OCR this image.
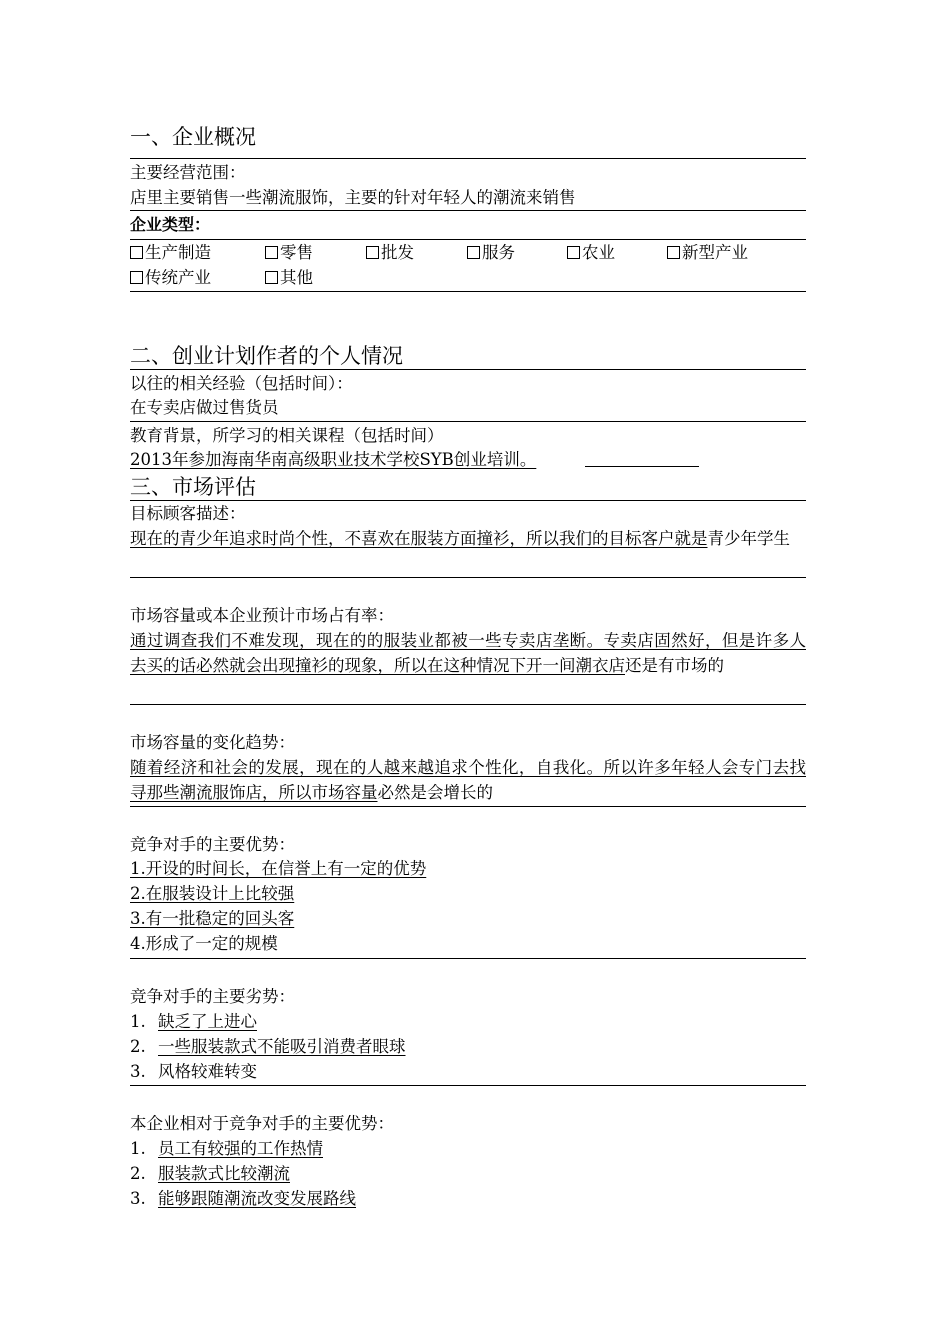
一、企业概况
主要经营范围：
店里主要销售一些潮流服饰，主要的针对年轻人的潮流来销售
企业类型：
生产制造	零售	批发	服务	农业	新型产业
传统产业	其他
二、创业计划作者的个人情况
以往的相关经验（包括时间）：
在专卖店做过售货员
教育背景，所学习的相关课程（包括时间）
2013年参加海南华南高级职业技术学校SYB创业培训。
三、市场评估
目标顾客描述：
现在的青少年追求时尚个性，不喜欢在服装方面撞衫，所以我们的目标客户就是青少年学生
市场容量或本企业预计市场占有率：
通过调查我们不难发现，现在的的服装业都被一些专卖店垄断。专卖店固然好，但是许多人去买的话必然就会出现撞衫的现象，所以在这种情况下开一间潮衣店还是有市场的
市场容量的变化趋势：
随着经济和社会的发展，现在的人越来越追求个性化，自我化。所以许多年轻人会专门去找寻那些潮流服饰店，所以市场容量必然是会增长的
竞争对手的主要优势：
1.开设的时间长，在信誉上有一定的优势
2.在服装设计上比较强
3.有一批稳定的回头客
4.形成了一定的规模
竞争对手的主要劣势：
1. 缺乏了上进心
2. 一些服装款式不能吸引消费者眼球
3. 风格较难转变
本企业相对于竞争对手的主要优势：
1. 员工有较强的工作热情
2. 服装款式比较潮流
3. 能够跟随潮流改变发展路线
